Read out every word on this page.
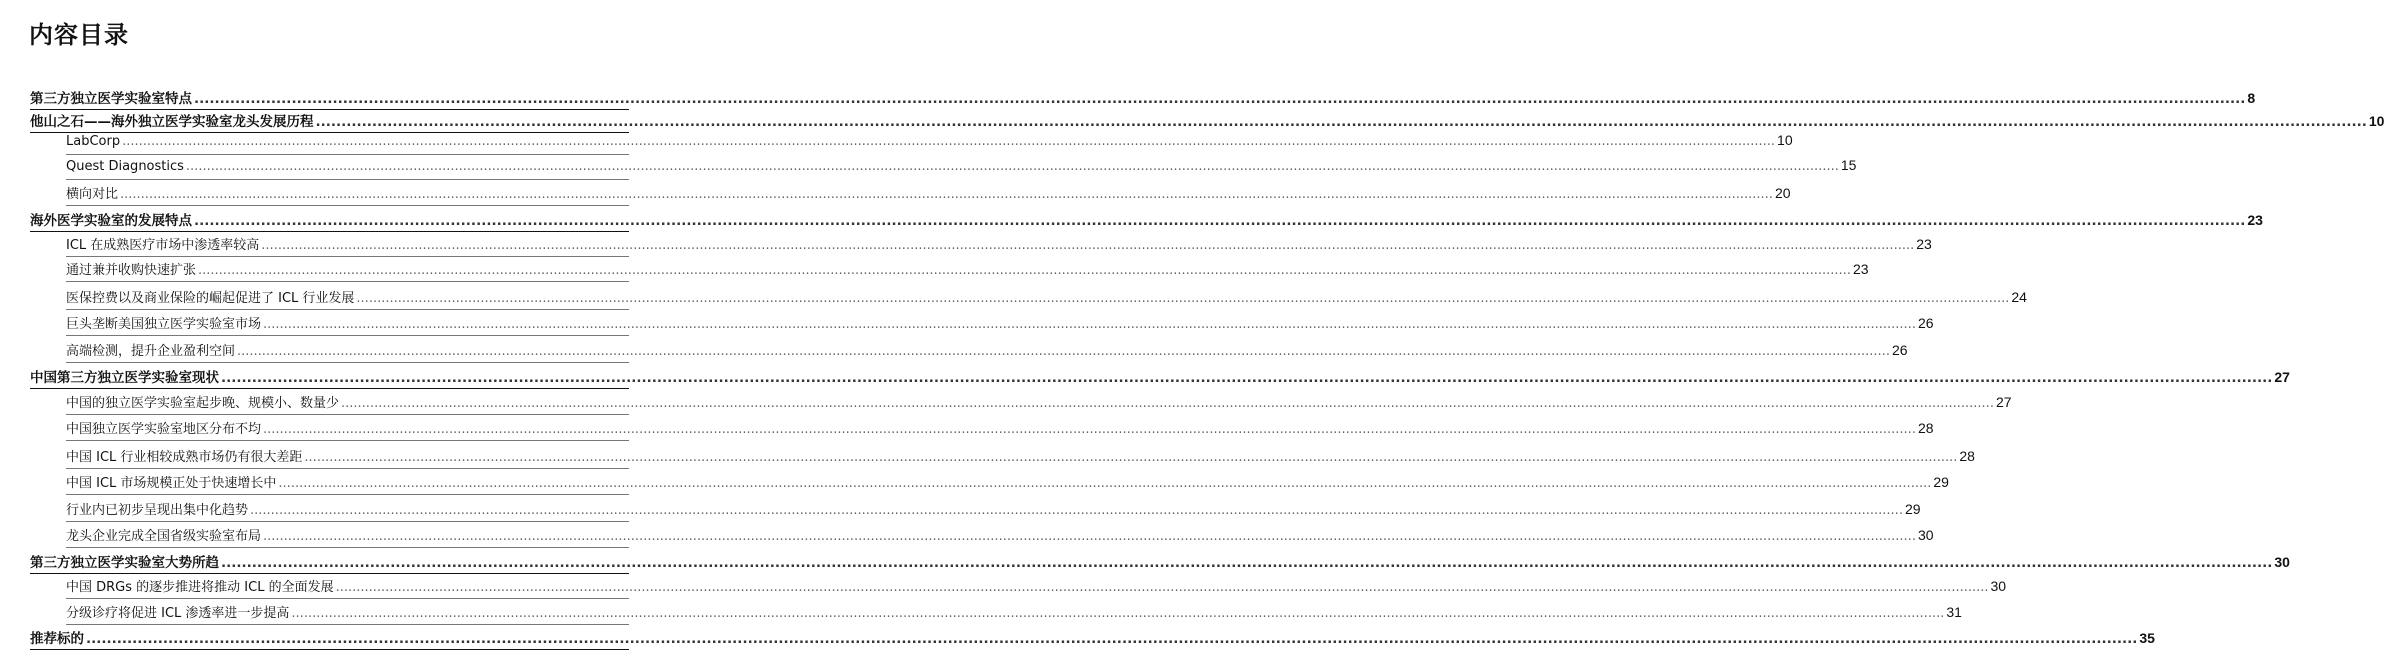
内容目录
第三方独立医学实验室特点 ................................................................................................................................................................................................................................................................................................................................................................................................................ 8
他山之石——海外独立医学实验室龙头发展历程 ................................................................................................................................................................................................................................................................................................................................................................................................................ 10
LabCorp ................................................................................................................................................................................................................................................................................................................................................................................................................ 10
Quest Diagnostics ................................................................................................................................................................................................................................................................................................................................................................................................................ 15
横向对比 ................................................................................................................................................................................................................................................................................................................................................................................................................ 20
海外医学实验室的发展特点 ................................................................................................................................................................................................................................................................................................................................................................................................................ 23
ICL 在成熟医疗市场中渗透率较高 ................................................................................................................................................................................................................................................................................................................................................................................................................ 23
通过兼并收购快速扩张 ................................................................................................................................................................................................................................................................................................................................................................................................................ 23
医保控费以及商业保险的崛起促进了 ICL 行业发展 ................................................................................................................................................................................................................................................................................................................................................................................................................ 24
巨头垄断美国独立医学实验室市场 ................................................................................................................................................................................................................................................................................................................................................................................................................ 26
高端检测，提升企业盈利空间 ................................................................................................................................................................................................................................................................................................................................................................................................................ 26
中国第三方独立医学实验室现状 ................................................................................................................................................................................................................................................................................................................................................................................................................ 27
中国的独立医学实验室起步晚、规模小、数量少 ................................................................................................................................................................................................................................................................................................................................................................................................................ 27
中国独立医学实验室地区分布不均 ................................................................................................................................................................................................................................................................................................................................................................................................................ 28
中国 ICL 行业相较成熟市场仍有很大差距 ................................................................................................................................................................................................................................................................................................................................................................................................................ 28
中国 ICL 市场规模正处于快速增长中 ................................................................................................................................................................................................................................................................................................................................................................................................................ 29
行业内已初步呈现出集中化趋势 ................................................................................................................................................................................................................................................................................................................................................................................................................ 29
龙头企业完成全国省级实验室布局 ................................................................................................................................................................................................................................................................................................................................................................................................................ 30
第三方独立医学实验室大势所趋 ................................................................................................................................................................................................................................................................................................................................................................................................................ 30
中国 DRGs 的逐步推进将推动 ICL 的全面发展 ................................................................................................................................................................................................................................................................................................................................................................................................................ 30
分级诊疗将促进 ICL 渗透率进一步提高 ................................................................................................................................................................................................................................................................................................................................................................................................................ 31
推荐标的 ................................................................................................................................................................................................................................................................................................................................................................................................................ 35
